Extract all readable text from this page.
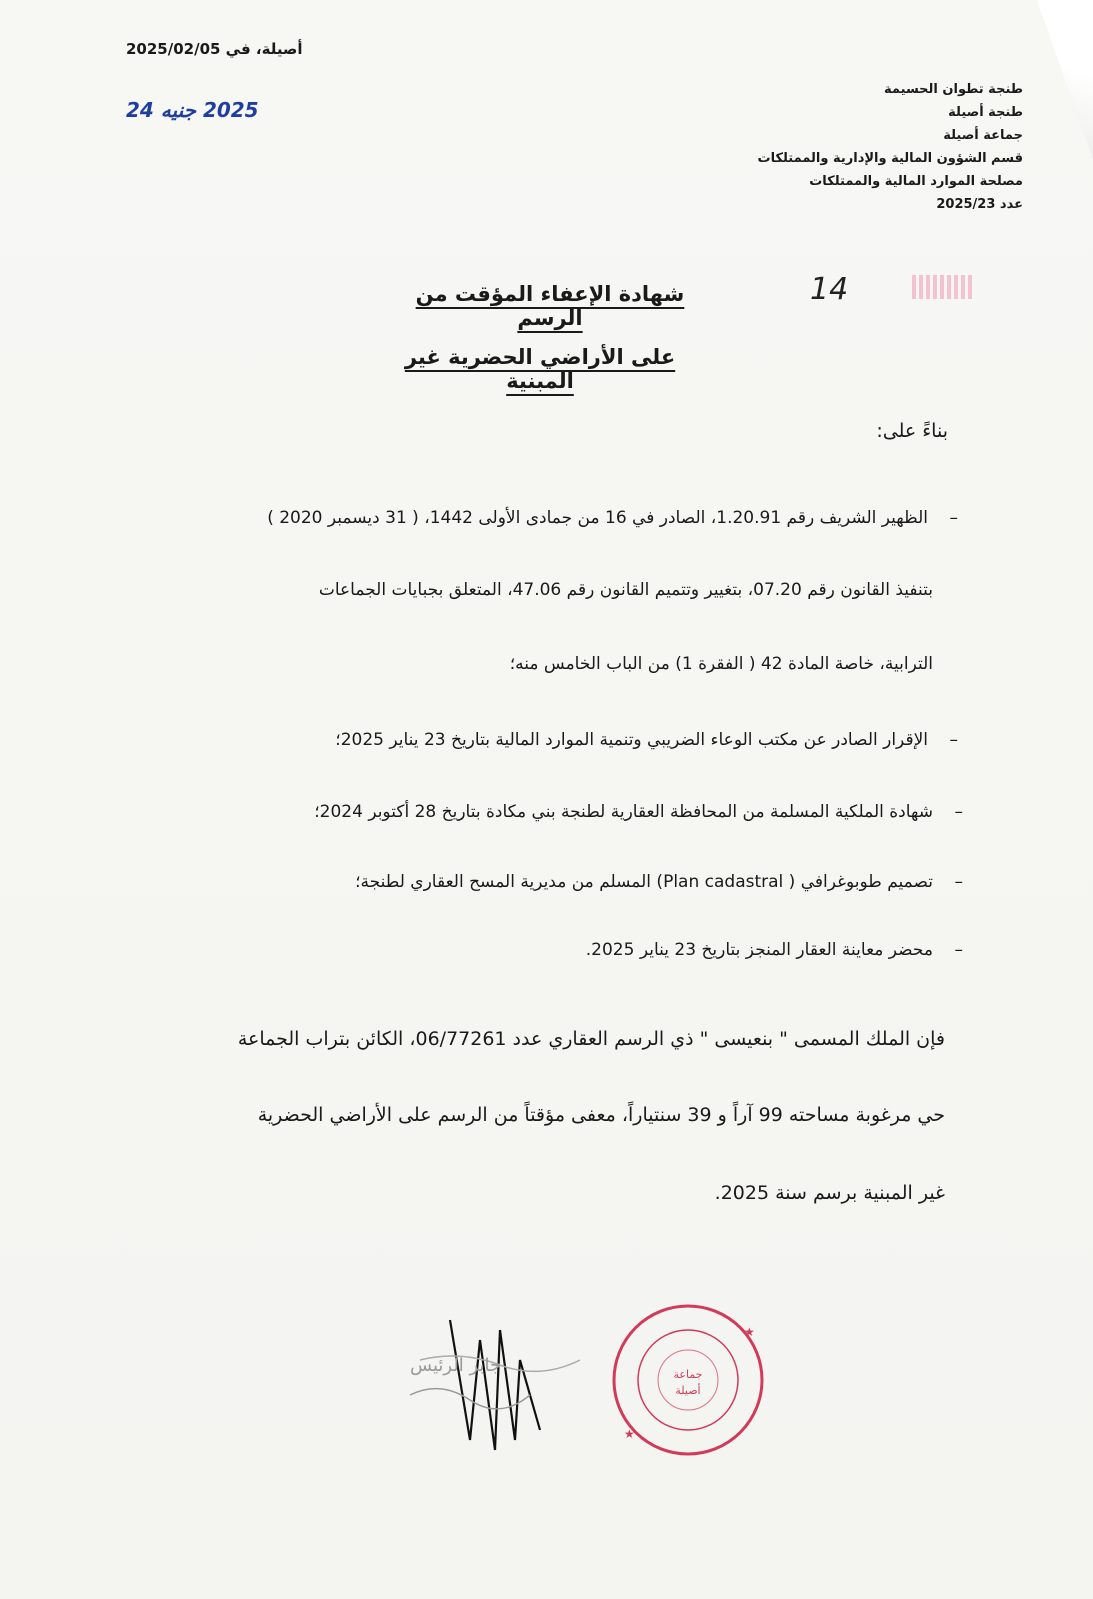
أصيلة، في 2025/02/05
2025 جنيه 24
طنجة تطوان الحسيمة
طنجة أصيلة
جماعة أصيلة
قسم الشؤون المالية والإدارية والممتلكات
مصلحة الموارد المالية والممتلكات
عدد 2025/23
14
شهادة الإعفاء المؤقت من الرسم
على الأراضي الحضرية غير المبنية
بناءً على:
– الظهير الشريف رقم 1.20.91، الصادر في 16 من جمادى الأولى 1442، ( 31 ديسمبر 2020 )
بتنفيذ القانون رقم 07.20، بتغيير وتتميم القانون رقم 47.06، المتعلق بجبايات الجماعات
الترابية، خاصة المادة 42 ( الفقرة 1) من الباب الخامس منه؛
– الإقرار الصادر عن مكتب الوعاء الضريبي وتنمية الموارد المالية بتاريخ 23 يناير 2025؛
– شهادة الملكية المسلمة من المحافظة العقارية لطنجة بني مكادة بتاريخ 28 أكتوبر 2024؛
– تصميم طوبوغرافي ( Plan cadastral) المسلم من مديرية المسح العقاري لطنجة؛
– محضر معاينة العقار المنجز بتاريخ 23 يناير 2025.
فإن الملك المسمى " بنعيسى " ذي الرسم العقاري عدد 06/77261، الكائن بتراب الجماعة
حي مرغوبة مساحته 99 آراً و 39 سنتياراً، معفى مؤقتاً من الرسم على الأراضي الحضرية
غير المبنية برسم سنة 2025.
جابر الرئيس	جماعة
أصيلة
★
★
